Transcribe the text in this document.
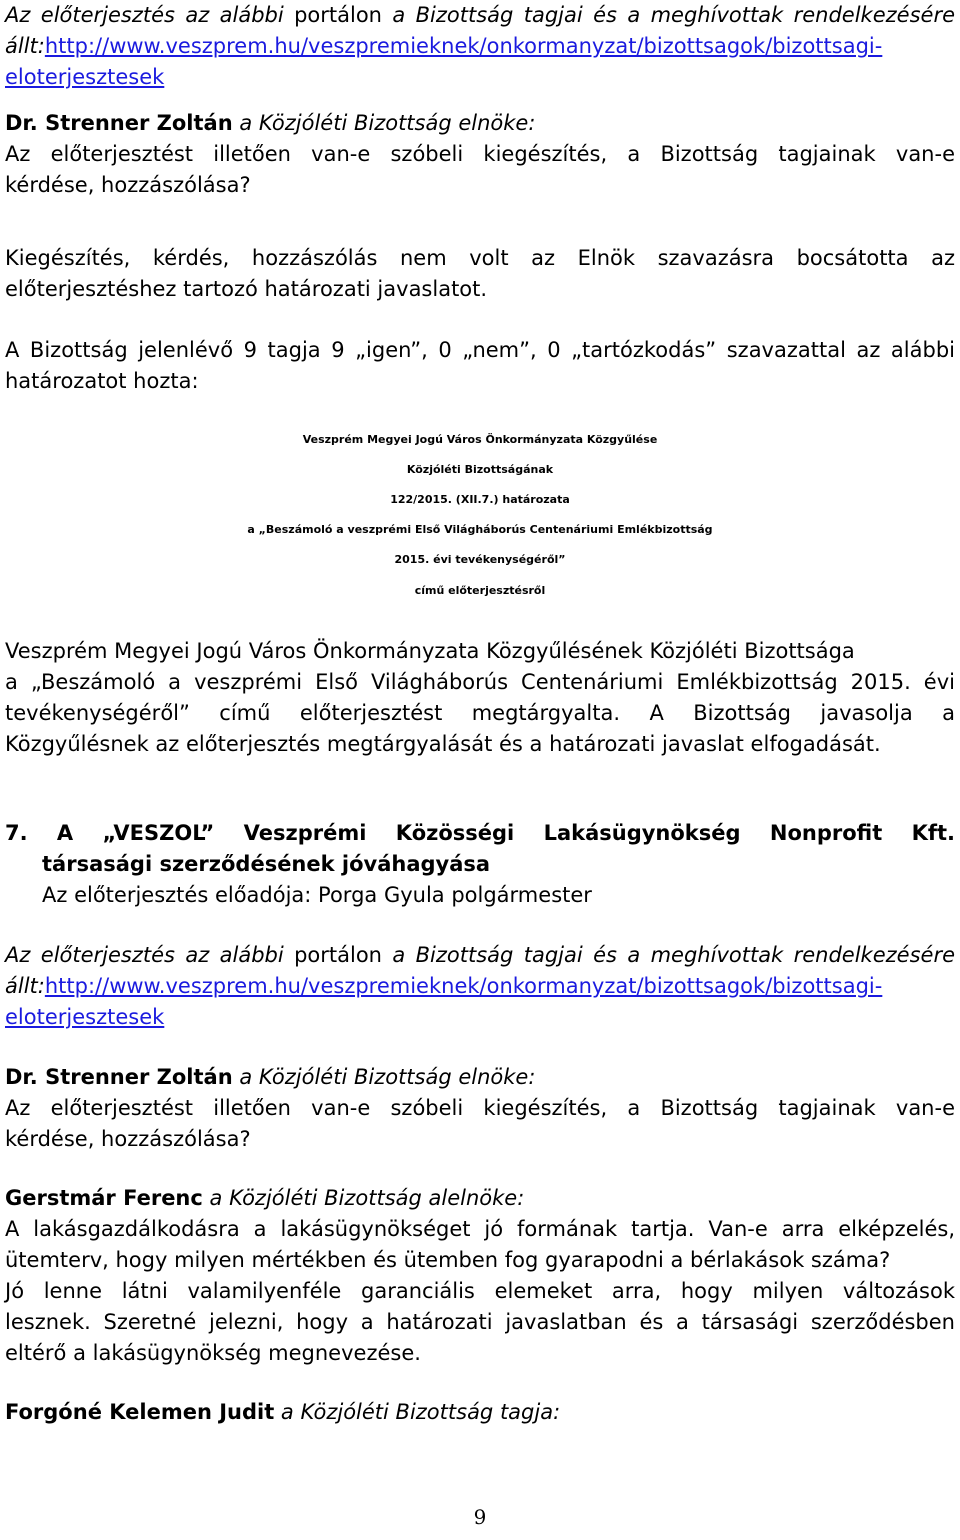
Az előterjesztés az alábbi portálon a Bizottság tagjai és a meghívottak rendelkezésére
állt:http://www.veszprem.hu/veszpremieknek/onkormanyzat/bizottsagok/bizottsagi-
eloterjesztesek
Dr. Strenner Zoltán a Közjóléti Bizottság elnöke:
Az előterjesztést illetően van-e szóbeli kiegészítés, a Bizottság tagjainak van-e
kérdése, hozzászólása?
Kiegészítés, kérdés, hozzászólás nem volt az Elnök szavazásra bocsátotta az
előterjesztéshez tartozó határozati javaslatot.
A Bizottság jelenlévő 9 tagja 9 „igen”, 0 „nem”, 0 „tartózkodás” szavazattal az alábbi
határozatot hozta:
Veszprém Megyei Jogú Város Önkormányzata Közgyűlése
Közjóléti Bizottságának
122/2015. (XII.7.) határozata
a „Beszámoló a veszprémi Első Világháborús Centenáriumi Emlékbizottság
2015. évi tevékenységéről”
című előterjesztésről
Veszprém Megyei Jogú Város Önkormányzata Közgyűlésének Közjóléti Bizottsága
a „Beszámoló a veszprémi Első Világháborús Centenáriumi Emlékbizottság 2015. évi
tevékenységéről” című előterjesztést megtárgyalta. A Bizottság javasolja a
Közgyűlésnek az előterjesztés megtárgyalását és a határozati javaslat elfogadását.
7. A „VESZOL” Veszprémi Közösségi Lakásügynökség Nonprofit Kft.
társasági szerződésének jóváhagyása
Az előterjesztés előadója: Porga Gyula polgármester
Az előterjesztés az alábbi portálon a Bizottság tagjai és a meghívottak rendelkezésére
állt:http://www.veszprem.hu/veszpremieknek/onkormanyzat/bizottsagok/bizottsagi-
eloterjesztesek
Dr. Strenner Zoltán a Közjóléti Bizottság elnöke:
Az előterjesztést illetően van-e szóbeli kiegészítés, a Bizottság tagjainak van-e
kérdése, hozzászólása?
Gerstmár Ferenc a Közjóléti Bizottság alelnöke:
A lakásgazdálkodásra a lakásügynökséget jó formának tartja. Van-e arra elképzelés,
ütemterv, hogy milyen mértékben és ütemben fog gyarapodni a bérlakások száma?
Jó lenne látni valamilyenféle garanciális elemeket arra, hogy milyen változások
lesznek. Szeretné jelezni, hogy a határozati javaslatban és a társasági szerződésben
eltérő a lakásügynökség megnevezése.
Forgóné Kelemen Judit a Közjóléti Bizottság tagja:
9
